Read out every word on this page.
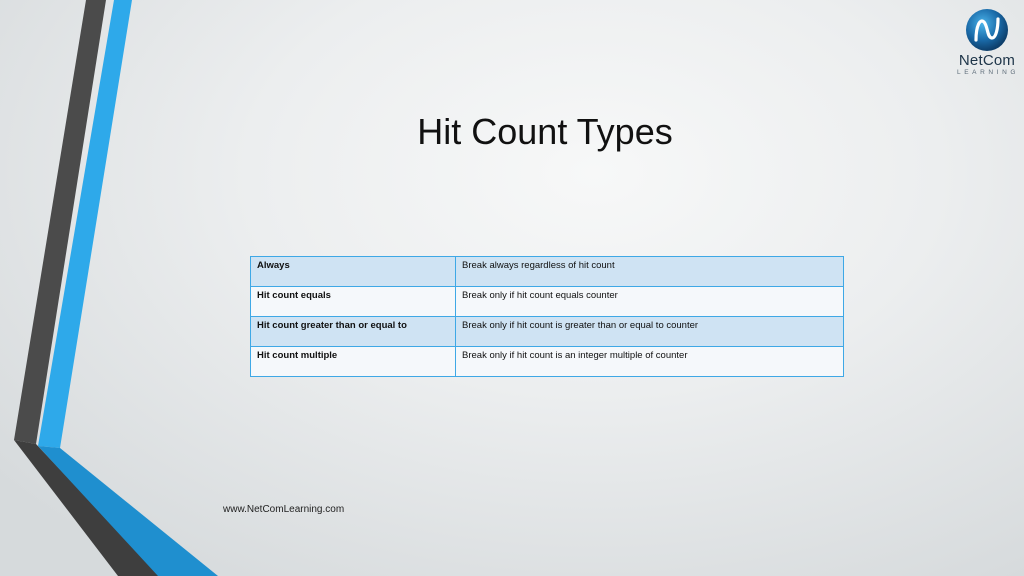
NetCom
LEARNING
Hit Count Types
Always	Break always regardless of hit count
Hit count equals	Break only if hit count equals counter
Hit count greater than or equal to	Break only if hit count is greater than or equal to counter
Hit count multiple	Break only if hit count is an integer multiple of counter
www.NetComLearning.com
